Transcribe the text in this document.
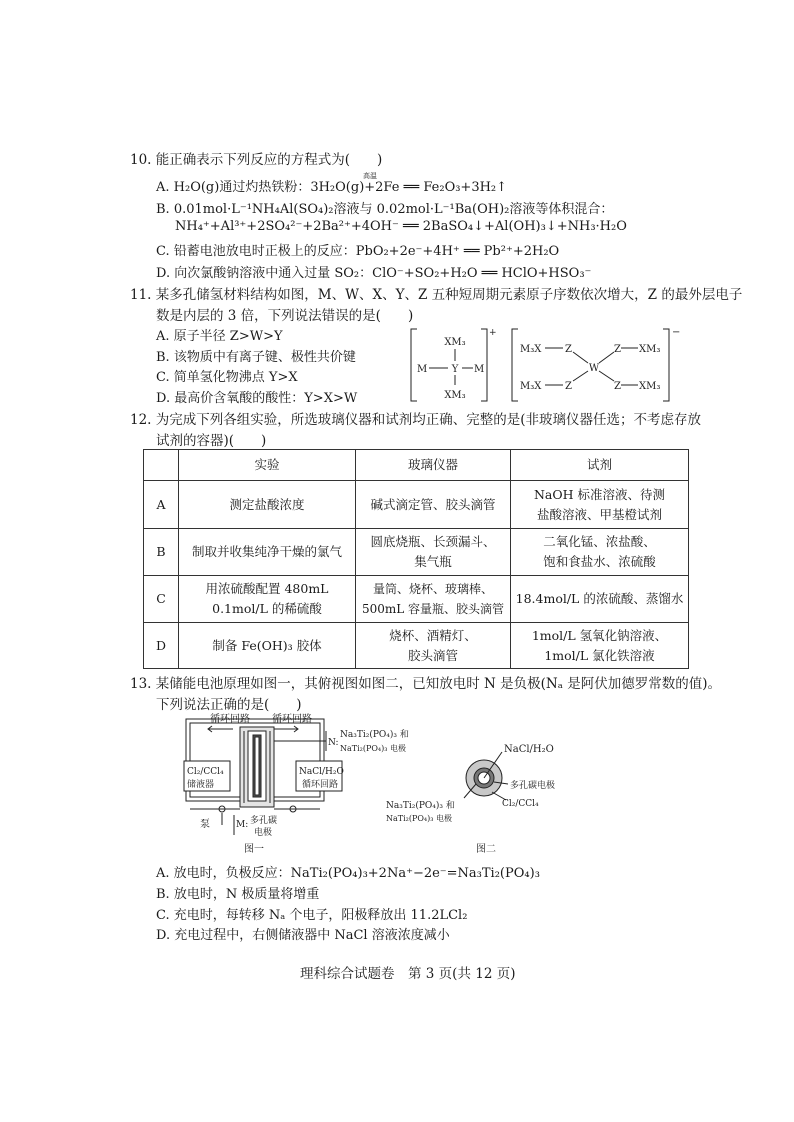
10. 能正确表示下列反应的方程式为(　　)
A. H₂O(g)通过灼热铁粉：3H₂O(g)+2Fe ══ Fe₂O₃+3H₂↑
高温
B. 0.01mol·L⁻¹NH₄Al(SO₄)₂溶液与 0.02mol·L⁻¹Ba(OH)₂溶液等体积混合：
NH₄⁺+Al³⁺+2SO₄²⁻+2Ba²⁺+4OH⁻ ══ 2BaSO₄↓+Al(OH)₃↓+NH₃·H₂O
C. 铅蓄电池放电时正极上的反应：PbO₂+2e⁻+4H⁺ ══ Pb²⁺+2H₂O
D. 向次氯酸钠溶液中通入过量 SO₂：ClO⁻+SO₂+H₂O ══ HClO+HSO₃⁻
11. 某多孔储氢材料结构如图，M、W、X、Y、Z 五种短周期元素原子序数依次增大，Z 的最外层电子
数是内层的 3 倍，下列说法错误的是(　　)
A. 原子半径 Z>W>Y
B. 该物质中有离子键、极性共价键
C. 简单氢化物沸点 Y>X
D. 最高价含氧酸的酸性：Y>X>W
XM₃
XM₃
M	M
Y
+
M₃X
M₃X
Z
Z
Z
Z
W
XM₃
XM₃
−
12. 为完成下列各组实验，所选玻璃仪器和试剂均正确、完整的是(非玻璃仪器任选；不考虑存放
试剂的容器)(　　)
	实验	玻璃仪器	试剂
A	测定盐酸浓度	碱式滴定管、胶头滴管	NaOH 标准溶液、待测盐酸溶液、甲基橙试剂
B	制取并收集纯净干燥的氯气	圆底烧瓶、长颈漏斗、集气瓶	二氧化锰、浓盐酸、饱和食盐水、浓硫酸
C	用浓硫酸配置 480mL 0.1mol/L 的稀硫酸	量筒、烧杯、玻璃棒、500mL 容量瓶、胶头滴管	18.4mol/L 的浓硫酸、蒸馏水
D	制备 Fe(OH)₃ 胶体	烧杯、酒精灯、胶头滴管	1mol/L 氢氧化钠溶液、1mol/L 氯化铁溶液
13. 某储能电池原理如图一，其俯视图如图二，已知放电时 N 是负极(Nₐ 是阿伏加德罗常数的值)。
下列说法正确的是(　　)
循环回路 循环回路
N:
Na₃Ti₂(PO₄)₃ 和
NaTi₂(PO₄)₃ 电极
Cl₂/CCl₄
储液器
NaCl/H₂O
循环回路
泵	M: 多孔碳
电极
图一
NaCl/H₂O
多孔碳电极
Cl₂/CCl₄
Na₃Ti₂(PO₄)₃ 和
NaTi₂(PO₄)₃ 电极
图二
A. 放电时，负极反应：NaTi₂(PO₄)₃+2Na⁺−2e⁻=Na₃Ti₂(PO₄)₃
B. 放电时，N 极质量将增重
C. 充电时，每转移 Nₐ 个电子，阳极释放出 11.2LCl₂
D. 充电过程中，右侧储液器中 NaCl 溶液浓度减小
理科综合试题卷　第 3 页(共 12 页)
